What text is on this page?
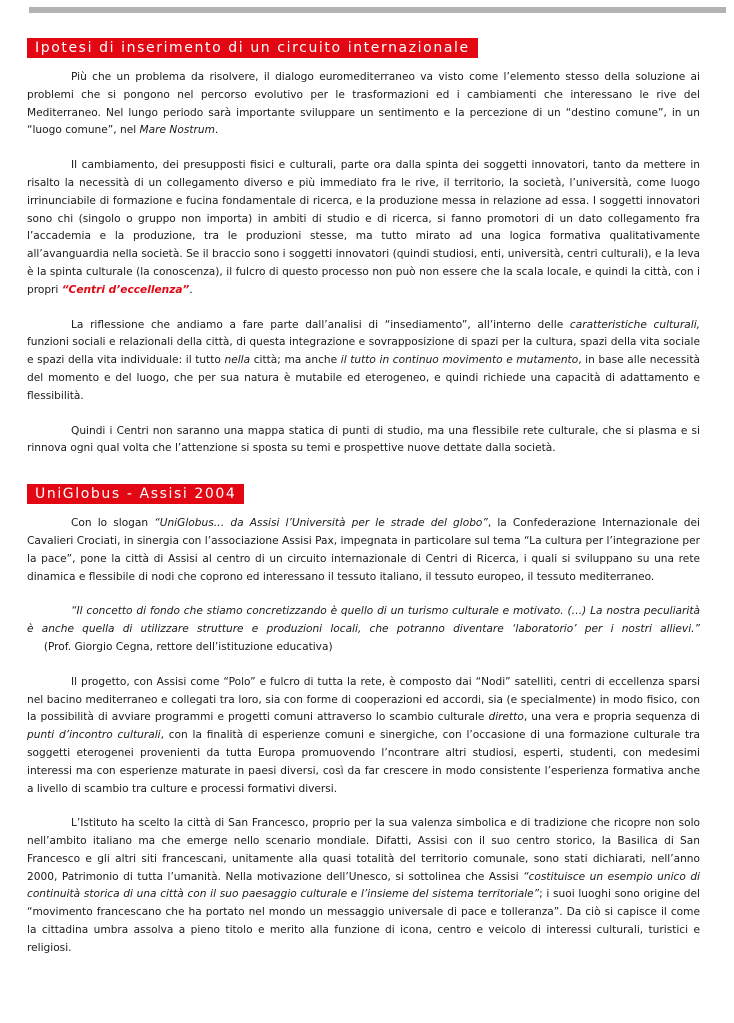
Ipotesi di inserimento di un circuito internazionale

Più che un problema da risolvere, il dialogo euromediterraneo va visto come l’elemento stesso della soluzione ai problemi che si pongono nel percorso evolutivo per le trasformazioni ed i cambiamenti che interessano le rive del Mediterraneo. Nel lungo periodo sarà importante sviluppare un sentimento e la percezione di un “destino comune”, in un “luogo comune”, nel Mare Nostrum.

Il cambiamento, dei presupposti fisici e culturali, parte ora dalla spinta dei soggetti innovatori, tanto da mettere in risalto la necessità di un collegamento diverso e più immediato fra le rive, il territorio, la società, l’università, come luogo irrinunciabile di formazione e fucina fondamentale di ricerca, e la produzione messa in relazione ad essa. I soggetti innovatori sono chi (singolo o gruppo non importa) in ambiti di studio e di ricerca, si fanno promotori di un dato collegamento fra l’accademia e la produzione, tra le produzioni stesse, ma tutto mirato ad una logica formativa qualitativamente all’avanguardia nella società. Se il braccio sono i soggetti innovatori (quindi studiosi, enti, università, centri culturali), e la leva è la spinta culturale (la conoscenza), il fulcro di questo processo non può non essere che la scala locale, e quindi la città, con i propri “Centri d’eccellenza”.

La riflessione che andiamo a fare parte dall’analisi di “insediamento”, all’interno delle caratteristiche culturali, funzioni sociali e relazionali della città, di questa integrazione e sovrapposizione di spazi per la cultura, spazi della vita sociale e spazi della vita individuale: il tutto nella città; ma anche il tutto in continuo movimento e mutamento, in base alle necessità del momento e del luogo, che per sua natura è mutabile ed eterogeneo, e quindi richiede una capacità di adattamento e flessibilità.

Quindi i Centri non saranno una mappa statica di punti di studio, ma una flessibile rete culturale, che si plasma e si rinnova ogni qual volta che l’attenzione si sposta su temi e prospettive nuove dettate dalla società.

UniGlobus - Assisi 2004

Con lo slogan “UniGlobus… da Assisi l’Università per le strade del globo”, la Confederazione Internazionale dei Cavalieri Crociati, in sinergia con l’associazione Assisi Pax, impegnata in particolare sul tema “La cultura per l’integrazione per la pace”, pone la città di Assisi al centro di un circuito internazionale di Centri di Ricerca, i quali si sviluppano su una rete dinamica e flessibile di nodi che coprono ed interessano il tessuto italiano, il tessuto europeo, il tessuto mediterraneo.

“Il concetto di fondo che stiamo concretizzando è quello di un turismo culturale e motivato. (…) La nostra peculiarità è anche quella di utilizzare strutture e produzioni locali, che potranno diventare ‘laboratorio’ per i nostri allievi.”     (Prof. Giorgio Cegna, rettore dell’istituzione educativa)

Il progetto, con Assisi come “Polo” e fulcro di tutta la rete, è composto dai “Nodi” satelliti, centri di eccellenza sparsi nel bacino mediterraneo e collegati tra loro, sia con forme di cooperazioni ed accordi, sia (e specialmente) in modo fisico, con la possibilità di avviare programmi e progetti comuni attraverso lo scambio culturale diretto, una vera e propria sequenza di punti d’incontro culturali, con la finalità di esperienze comuni e sinergiche, con l’occasione di una formazione culturale tra soggetti eterogenei provenienti da tutta Europa promuovendo l’ncontrare altri studiosi, esperti, studenti, con medesimi interessi ma con esperienze maturate in paesi diversi, così da far crescere in modo consistente l’esperienza formativa anche a livello di scambio tra culture e processi formativi diversi.

L’Istituto ha scelto la città di San Francesco, proprio per la sua valenza simbolica e di tradizione che ricopre non solo nell’ambito italiano ma che emerge nello scenario mondiale. Difatti, Assisi con il suo centro storico, la Basilica di San Francesco e gli altri siti francescani, unitamente alla quasi totalità del territorio comunale, sono stati dichiarati, nell’anno 2000, Patrimonio di tutta l’umanità. Nella motivazione dell’Unesco, si sottolinea che Assisi “costituisce un esempio unico di continuità storica di una città con il suo paesaggio culturale e l’insieme del sistema territoriale”; i suoi luoghi sono origine del “movimento francescano che ha portato nel mondo un messaggio universale di pace e tolleranza”. Da ciò si capisce il come la cittadina umbra assolva a pieno titolo e merito alla funzione di icona, centro e veicolo di interessi culturali, turistici e religiosi.
